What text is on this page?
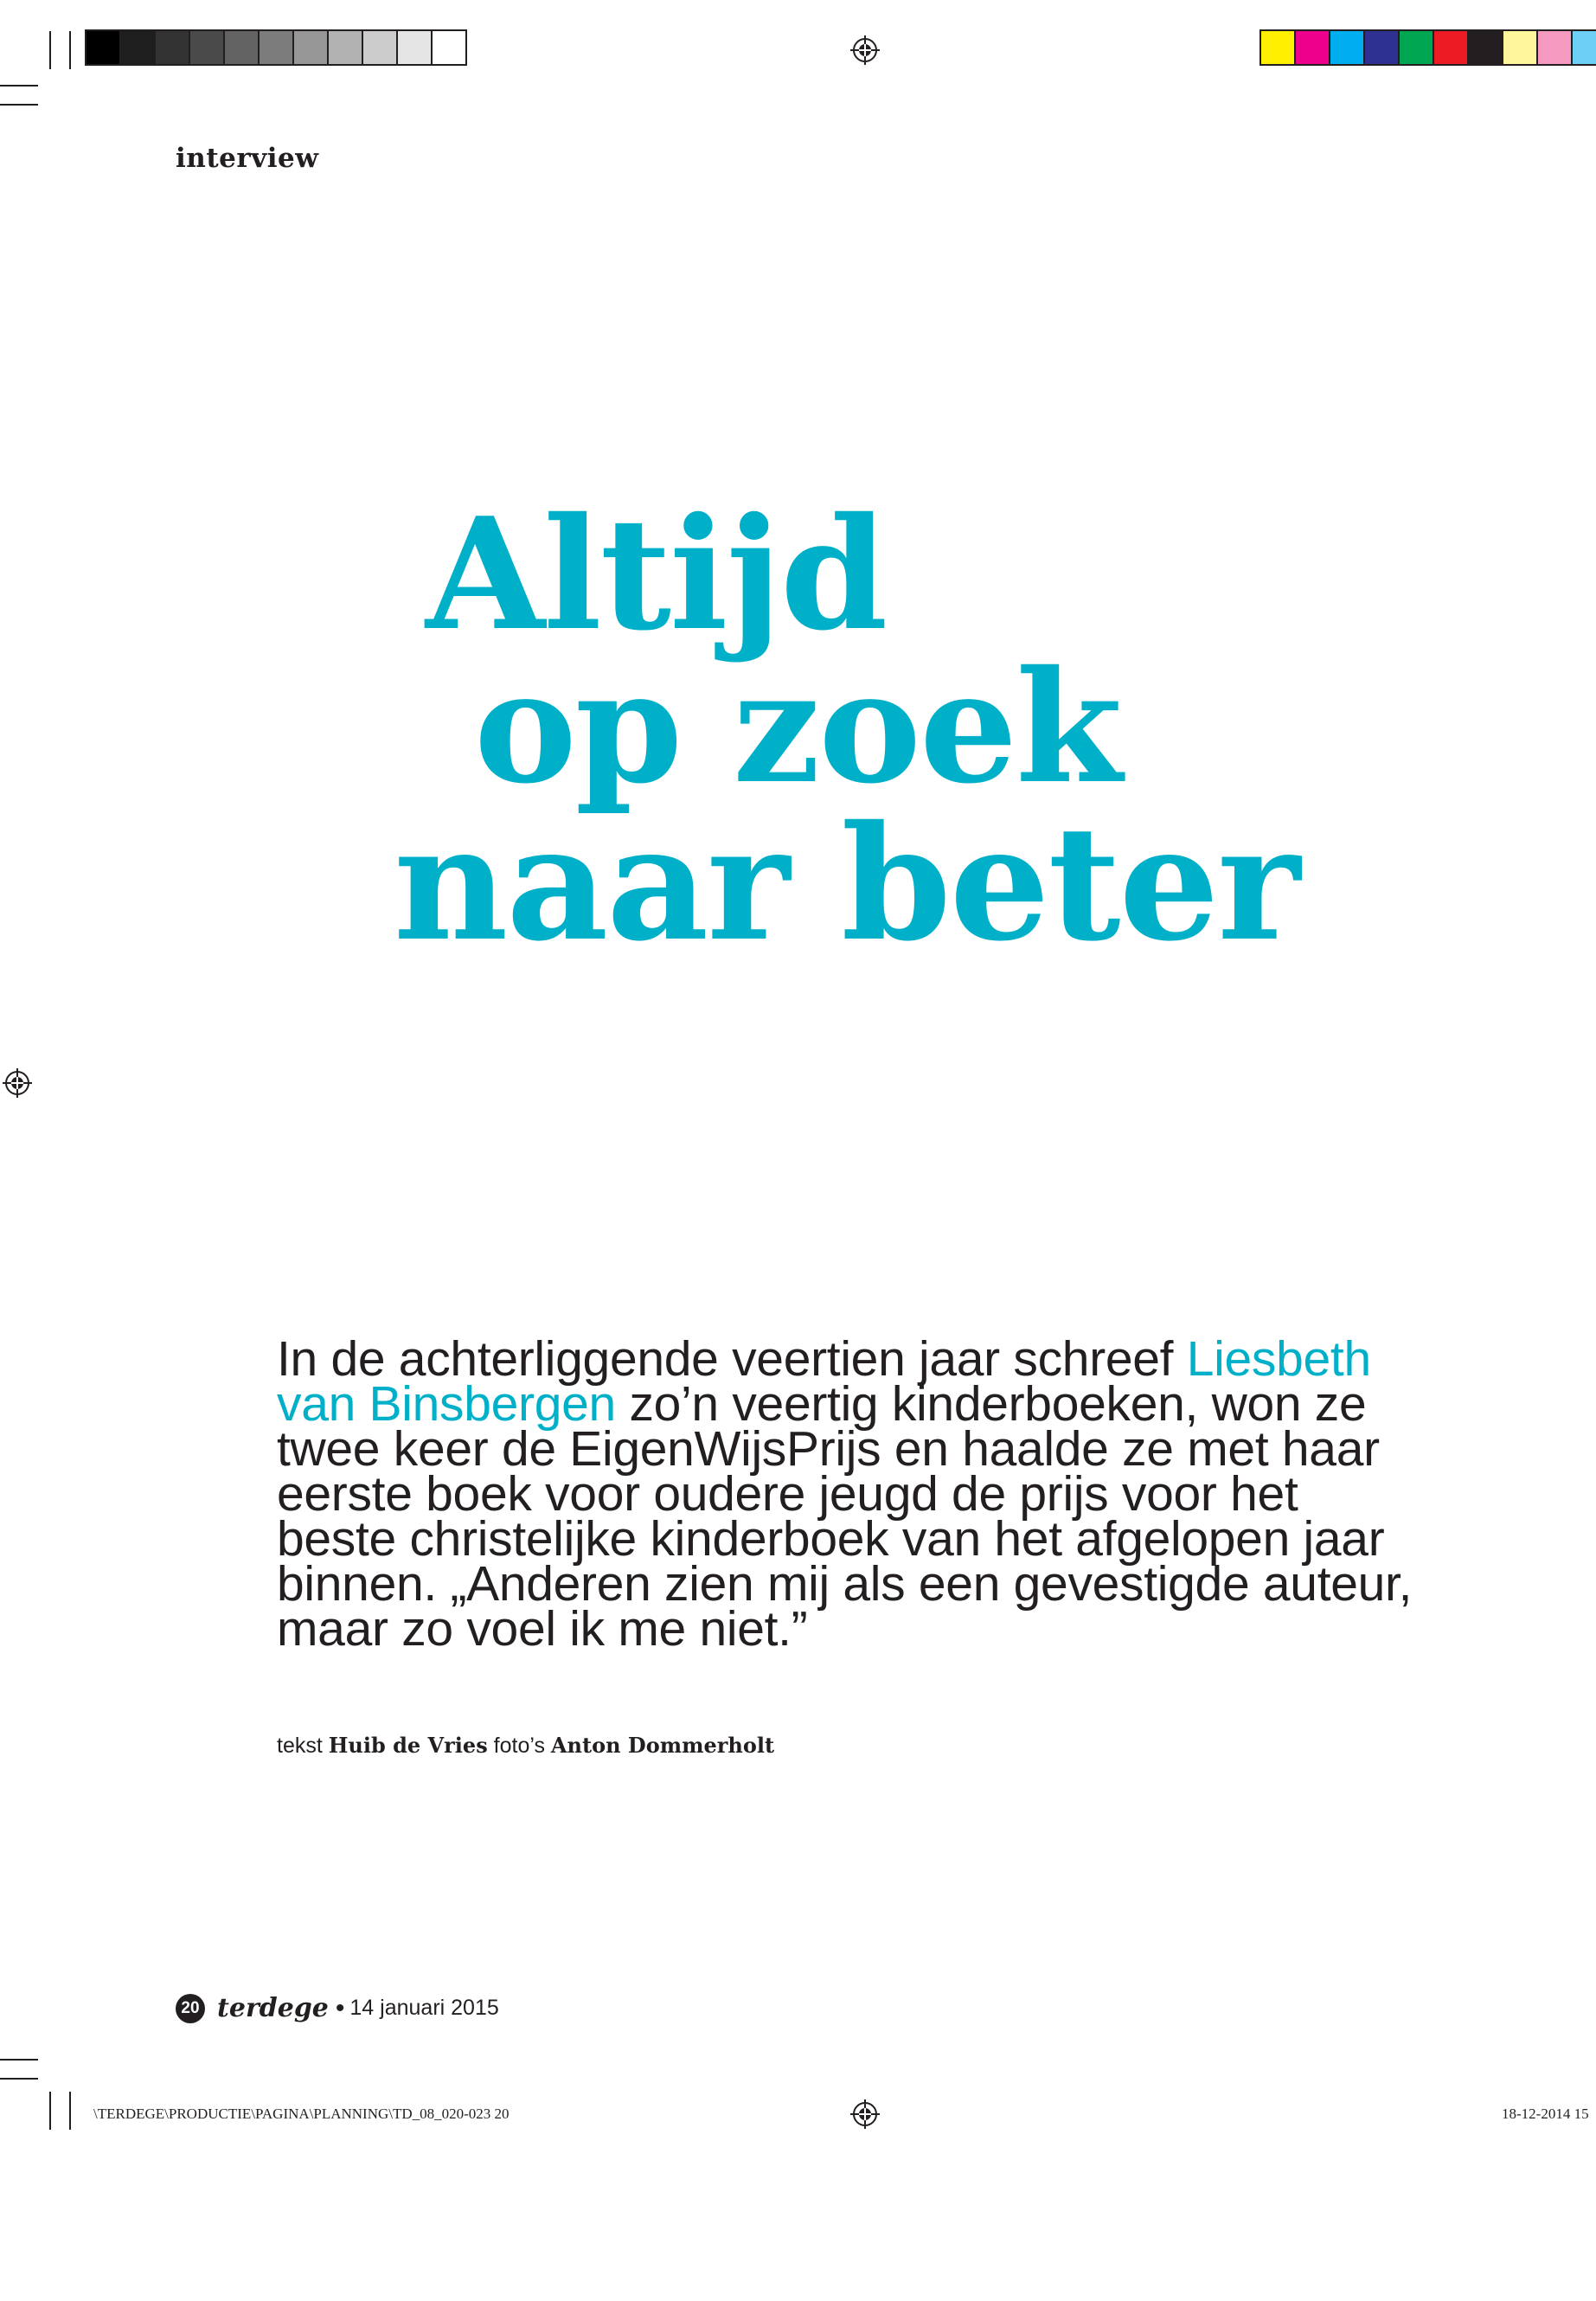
interview
Altijd
op zoek
naar beter
In de achterliggende veertien jaar schreef Liesbeth
van Binsbergen zo’n veertig kinderboeken, won ze
twee keer de EigenWijsPrijs en haalde ze met haar
eerste boek voor oudere jeugd de prijs voor het
beste christelijke kinderboek van het afgelopen jaar
binnen. „Anderen zien mij als een gevestigde auteur,
maar zo voel ik me niet.”
tekst Huib de Vries foto’s Anton Dommerholt
20 terdege • 14 januari 2015
\TERDEGE\PRODUCTIE\PAGINA\PLANNING\TD_08_020-023 20	18-12-2014 15
